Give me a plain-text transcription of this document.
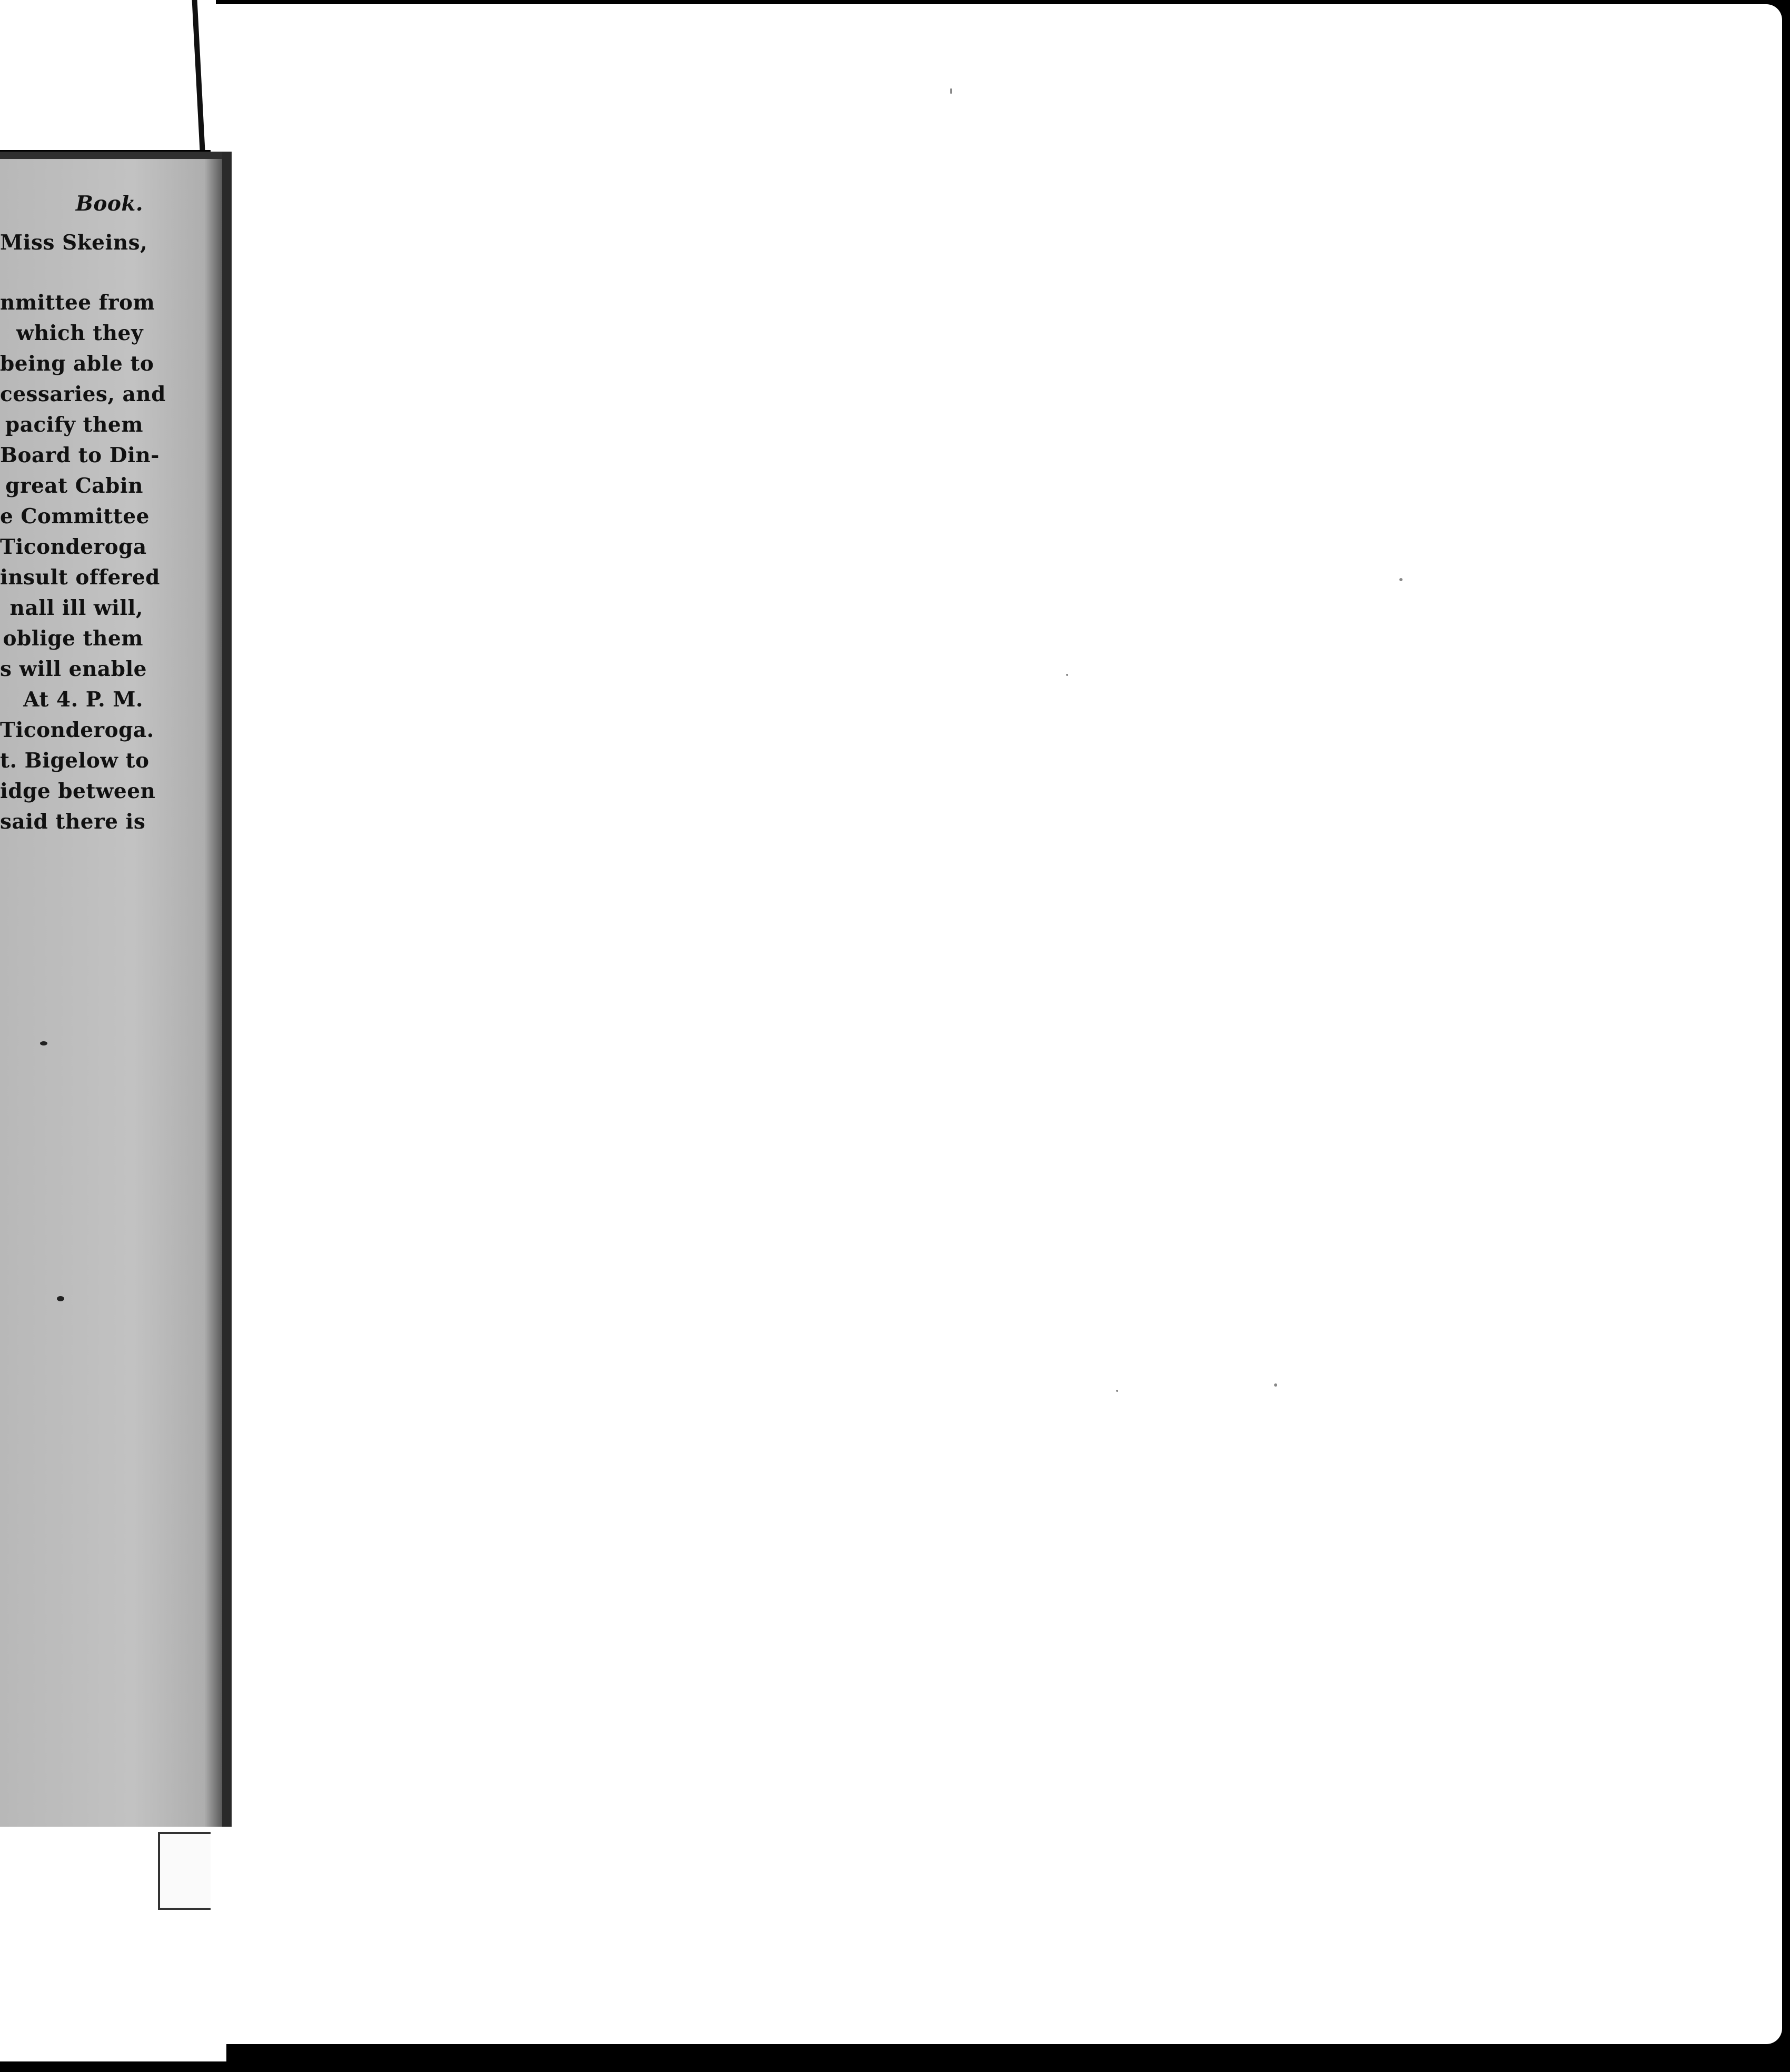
Book.
Miss Skeins,
nmittee from
which they
being able to
cessaries, and
pacify them
Board to Din-
great Cabin
e Committee
Ticonderoga
insult offered
nall ill will,
oblige them
s will enable
At 4. P. M.
Ticonderoga.
t. Bigelow to
idge between
said there is
